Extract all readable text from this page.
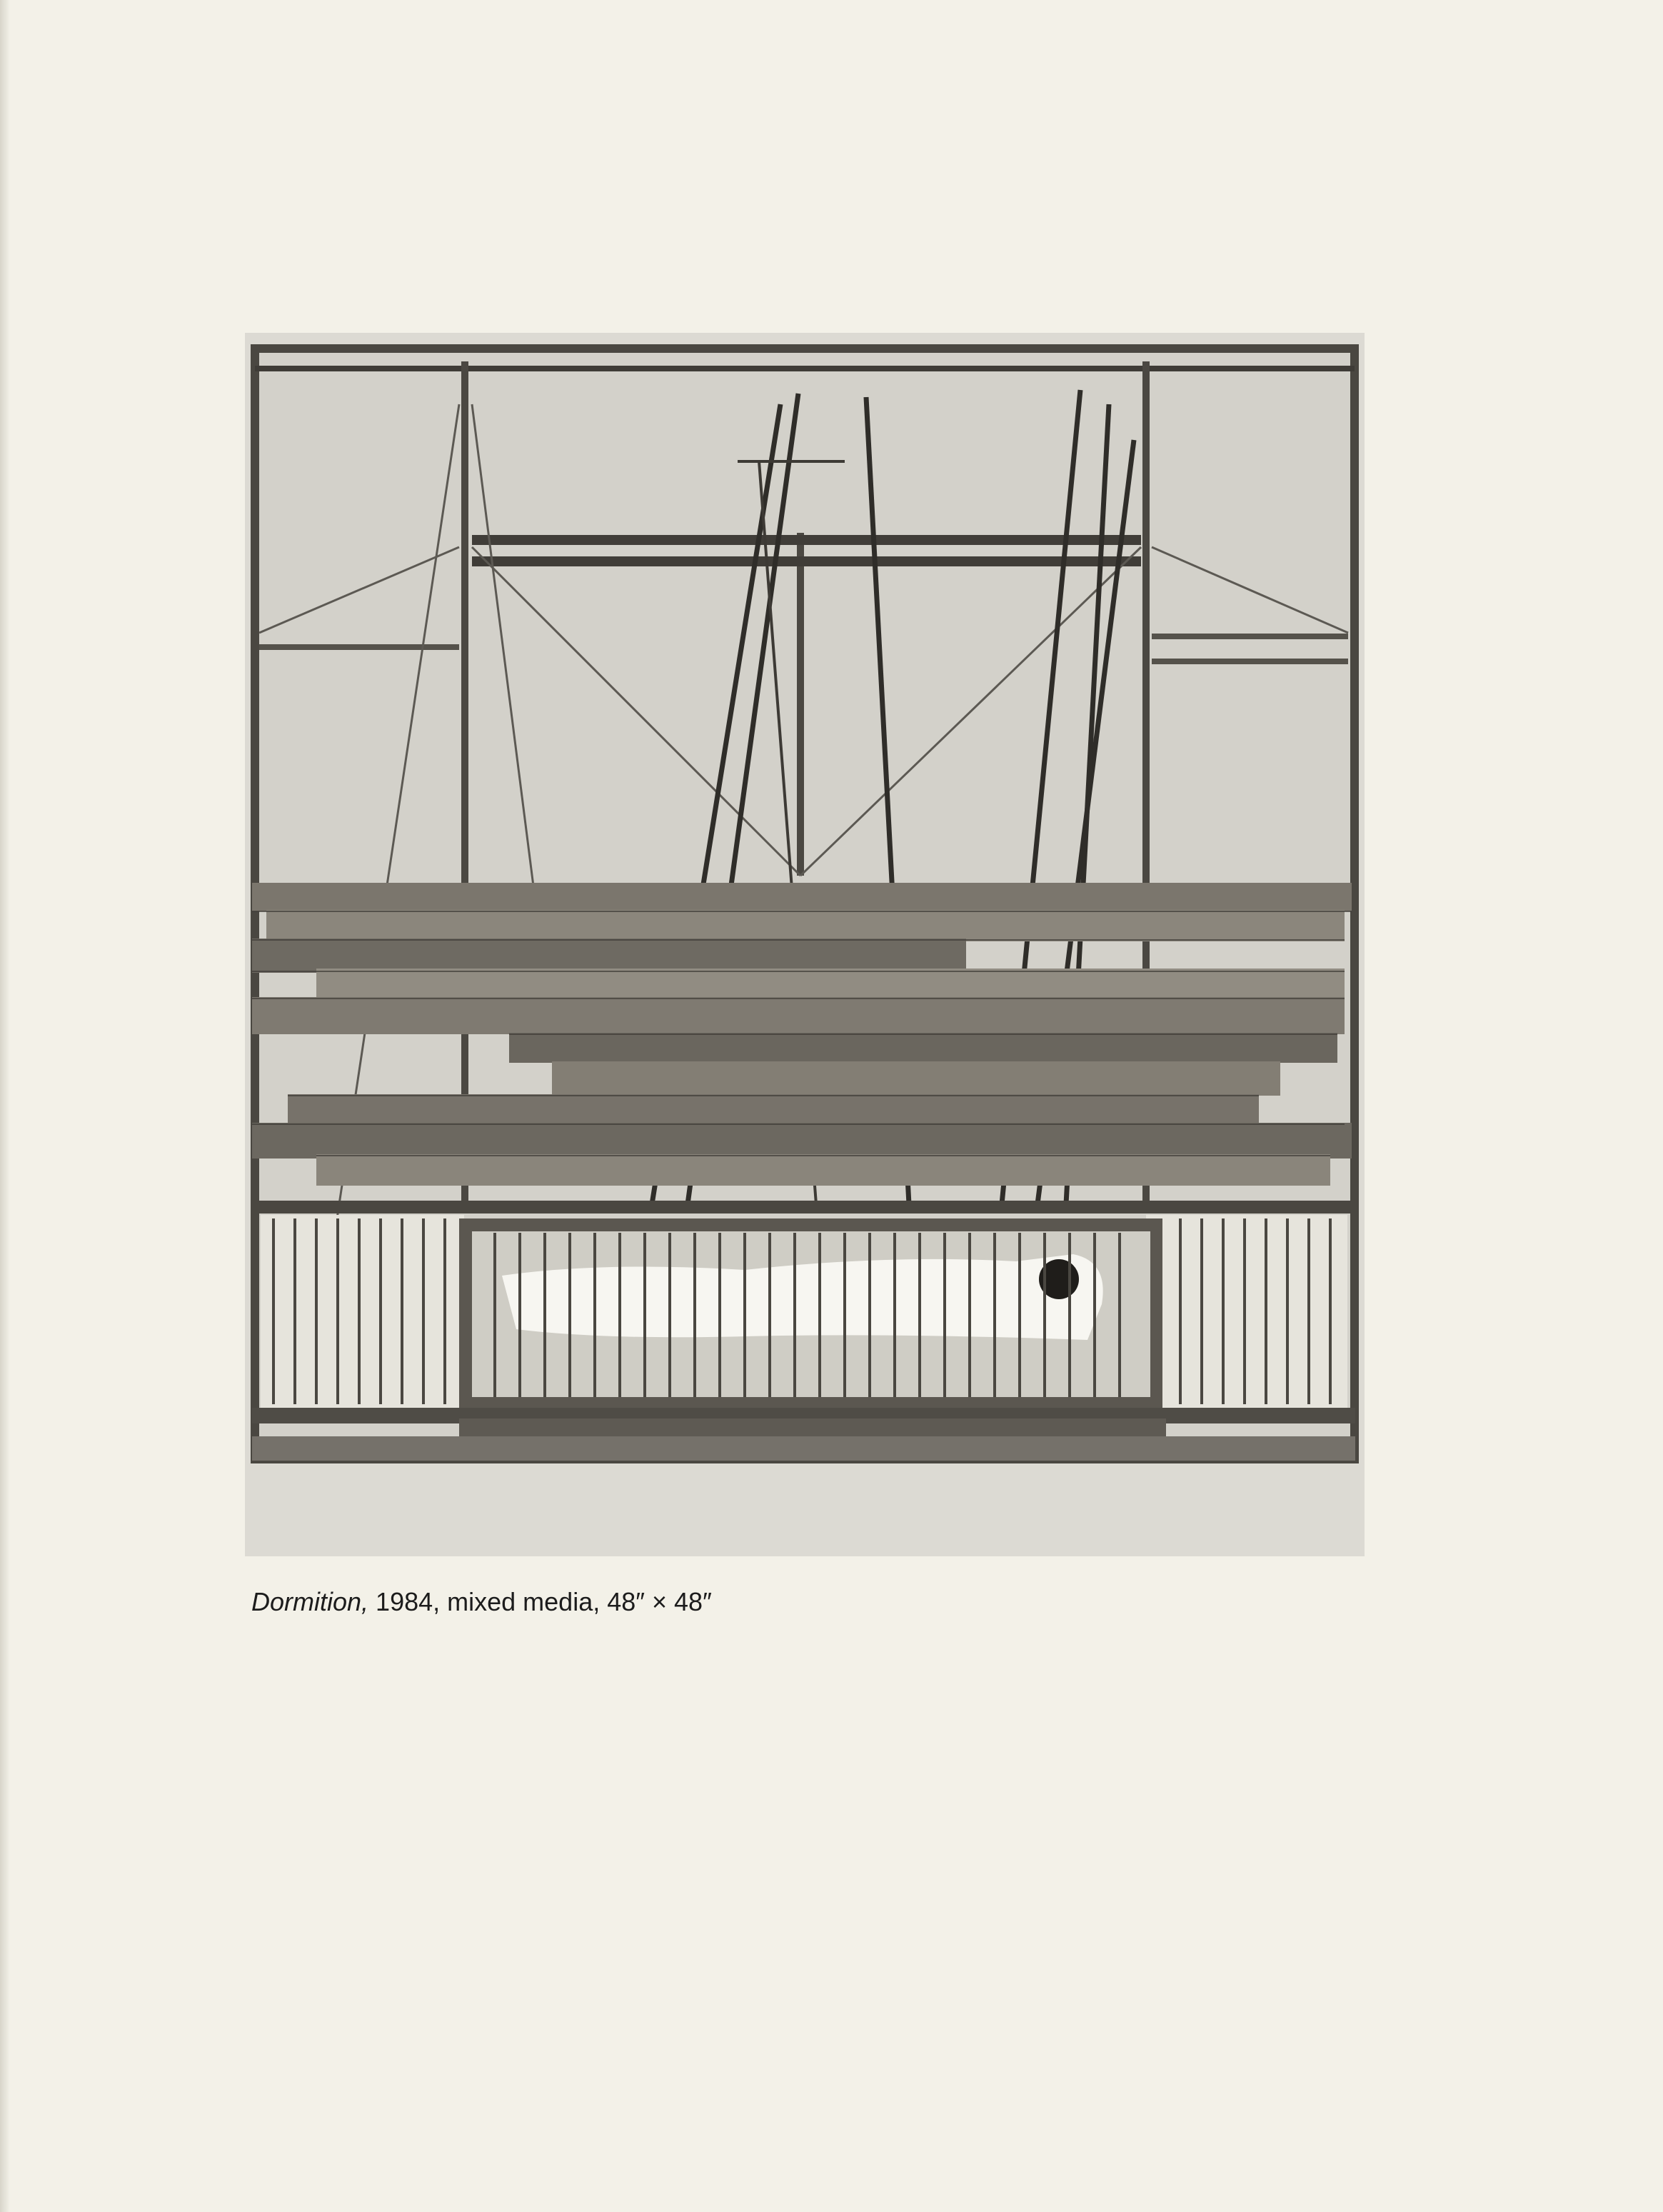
Dormition, 1984, mixed media, 48″ × 48″
